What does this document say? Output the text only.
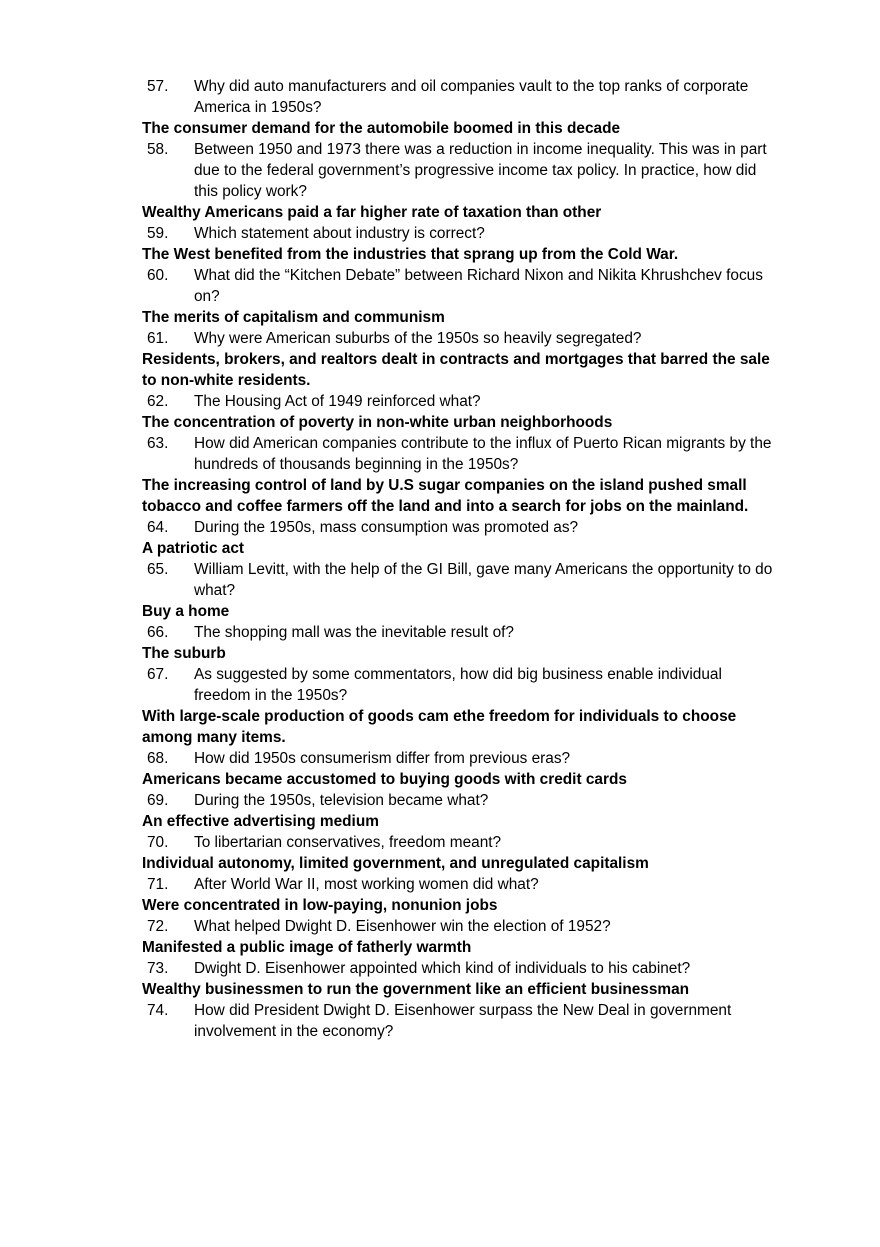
57. Why did auto manufacturers and oil companies vault to the top ranks of corporate America in 1950s?
The consumer demand for the automobile boomed in this decade
58. Between 1950 and 1973 there was a reduction in income inequality. This was in part due to the federal government’s progressive income tax policy. In practice, how did this policy work?
Wealthy Americans paid a far higher rate of taxation than other
59. Which statement about industry is correct?
The West benefited from the industries that sprang up from the Cold War.
60. What did the “Kitchen Debate” between Richard Nixon and Nikita Khrushchev focus on?
The merits of capitalism and communism
61. Why were American suburbs of the 1950s so heavily segregated?
Residents, brokers, and realtors dealt in contracts and mortgages that barred the sale to non-white residents.
62. The Housing Act of 1949 reinforced what?
The concentration of poverty in non-white urban neighborhoods
63. How did American companies contribute to the influx of Puerto Rican migrants by the hundreds of thousands beginning in the 1950s?
The increasing control of land by U.S sugar companies on the island pushed small tobacco and coffee farmers off the land and into a search for jobs on the mainland.
64. During the 1950s, mass consumption was promoted as?
A patriotic act
65. William Levitt, with the help of the GI Bill, gave many Americans the opportunity to do what?
Buy a home
66. The shopping mall was the inevitable result of?
The suburb
67. As suggested by some commentators, how did big business enable individual freedom in the 1950s?
With large-scale production of goods cam ethe freedom for individuals to choose among many items.
68. How did 1950s consumerism differ from previous eras?
Americans became accustomed to buying goods with credit cards
69. During the 1950s, television became what?
An effective advertising medium
70. To libertarian conservatives, freedom meant?
Individual autonomy, limited government, and unregulated capitalism
71. After World War II, most working women did what?
Were concentrated in low-paying, nonunion jobs
72. What helped Dwight D. Eisenhower win the election of 1952?
Manifested a public image of fatherly warmth
73. Dwight D. Eisenhower appointed which kind of individuals to his cabinet?
Wealthy businessmen to run the government like an efficient businessman
74. How did President Dwight D. Eisenhower surpass the New Deal in government involvement in the economy?
